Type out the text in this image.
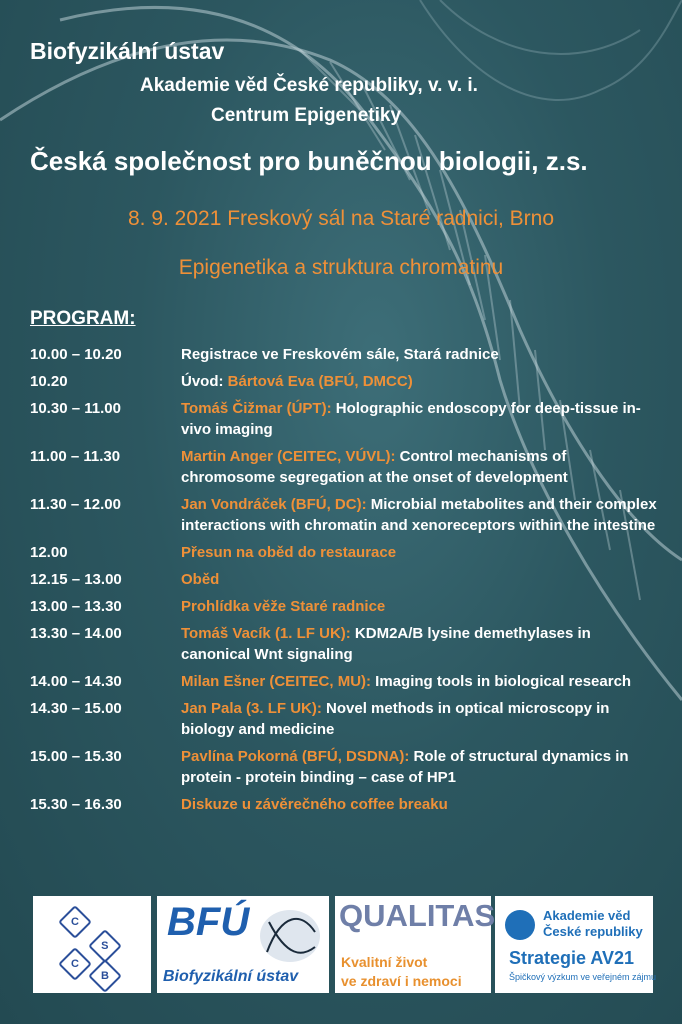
Biofyzikální ústav
Akademie věd České republiky, v. v. i.
Centrum Epigenetiky
Česká společnost pro buněčnou biologii, z.s.
8. 9. 2021 Freskový sál na Staré radnici, Brno
Epigenetika a struktura chromatinu
PROGRAM:
10.00 – 10.20	Registrace ve Freskovém sále, Stará radnice
10.20	Úvod: Bártová Eva (BFÚ, DMCC)
10.30 – 11.00	Tomáš Čižmar (ÚPT): Holographic endoscopy for deep-tissue in-vivo imaging
11.00 – 11.30	Martin Anger (CEITEC, VÚVL): Control mechanisms of chromosome segregation at the onset of development
11.30 – 12.00	Jan Vondráček (BFÚ, DC): Microbial metabolites and their complex interactions with chromatin and xenoreceptors within the intestine
12.00	Přesun na oběd do restaurace
12.15 – 13.00	Oběd
13.00 – 13.30	Prohlídka věže Staré radnice
13.30 – 14.00	Tomáš Vacík (1. LF UK): KDM2A/B lysine demethylases in canonical Wnt signaling
14.00 – 14.30	Milan Ešner (CEITEC, MU): Imaging tools in biological research
14.30 – 15.00	Jan Pala (3. LF UK): Novel methods in optical microscopy in biology and medicine
15.00 – 15.30	Pavlína Pokorná (BFÚ, DSDNA): Role of structural dynamics in protein - protein binding – case of HP1
15.30 – 16.30	Diskuze u závěrečného coffee breaku
C
S
C
B
BFÚ
Biofyzikální ústav
QUALITAS
Kvalitní život
ve zdraví i nemoci
Akademie věd
České republiky
Strategie AV21
Špičkový výzkum ve veřejném zájmu
